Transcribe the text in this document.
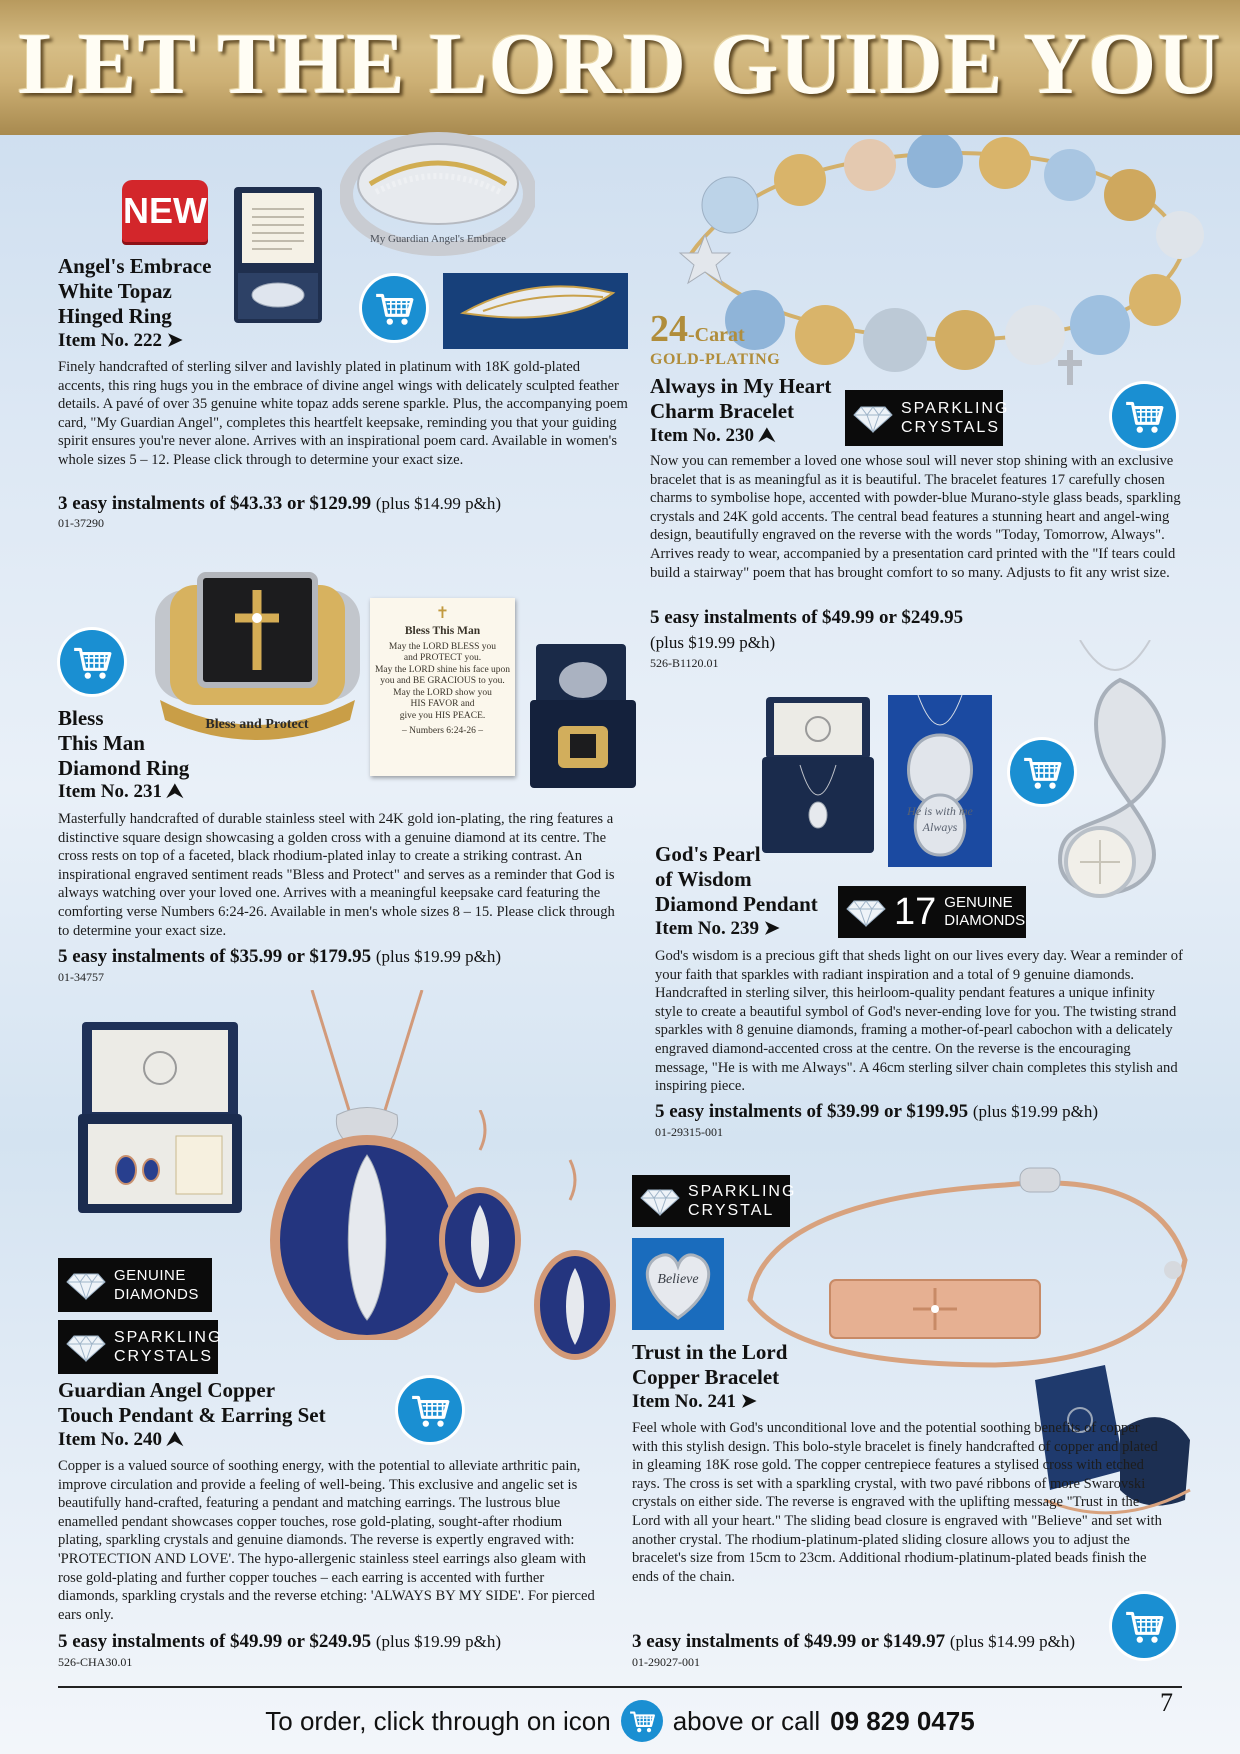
LET THE LORD GUIDE YOU
NEW
My Guardian Angel's Embrace
Angel's Embrace
White Topaz
Hinged Ring
Item No. 222 ➤
Finely handcrafted of sterling silver and lavishly plated in platinum with 18K gold-plated accents, this ring hugs you in the embrace of divine angel wings with delicately sculpted feather details. A pavé of over 35 genuine white topaz adds serene sparkle. Plus, the accompanying poem card, "My Guardian Angel", completes this heartfelt keepsake, reminding you that your guiding spirit ensures you're never alone. Arrives with an inspirational poem card. Available in women's whole sizes 5 – 12. Please click through to determine your exact size.
3 easy instalments of $43.33 or $129.99 (plus $14.99 p&h)
01-37290
24-Carat
GOLD-PLATING
Always in My Heart
Charm Bracelet
Item No. 230 ⮝
SPARKLING
CRYSTALS
Now you can remember a loved one whose soul will never stop shining with an exclusive bracelet that is as meaningful as it is beautiful. The bracelet features 17 carefully chosen charms to symbolise hope, accented with powder-blue Murano-style glass beads, sparkling crystals and 24K gold accents. The central bead features a stunning heart and angel-wing design, beautifully engraved on the reverse with the words "Today, Tomorrow, Always". Arrives ready to wear, accompanied by a presentation card printed with the "If tears could build a stairway" poem that has brought comfort to so many. Adjusts to fit any wrist size.
5 easy instalments of $49.99 or $249.95
(plus $19.99 p&h)
526-B1120.01
Bless and Protect
✝
Bless This Man
May the LORD BLESS you
and PROTECT you.
May the LORD shine his face upon
you and BE GRACIOUS to you.
May the LORD show you
HIS FAVOR and
give you HIS PEACE.
– Numbers 6:24-26 –
Bless
This Man
Diamond Ring
Item No. 231 ⮝
Masterfully handcrafted of durable stainless steel with 24K gold ion-plating, the ring features a distinctive square design showcasing a golden cross with a genuine diamond at its centre. The cross rests on top of a faceted, black rhodium-plated inlay to create a striking contrast. An inspirational engraved sentiment reads "Bless and Protect" and serves as a reminder that God is always watching over your loved one. Arrives with a meaningful keepsake card featuring the comforting verse Numbers 6:24-26. Available in men's whole sizes 8 – 15. Please click through to determine your exact size.
5 easy instalments of $35.99 or $179.95 (plus $19.99 p&h)
01-34757
He is with me
Always
God's Pearl
of Wisdom
Diamond Pendant
Item No. 239 ➤	17 GENUINE
DIAMONDS
God's wisdom is a precious gift that sheds light on our lives every day. Wear a reminder of your faith that sparkles with radiant inspiration and a total of 9 genuine diamonds. Handcrafted in sterling silver, this heirloom-quality pendant features a unique infinity style to create a beautiful symbol of God's never-ending love for you. The twisting strand sparkles with 8 genuine diamonds, framing a mother-of-pearl cabochon with a delicately engraved diamond-accented cross at the centre. On the reverse is the encouraging message, "He is with me Always". A 46cm sterling silver chain completes this stylish and inspiring piece.
5 easy instalments of $39.99 or $199.95 (plus $19.99 p&h)
01-29315-001
GENUINE
DIAMONDS
SPARKLING
CRYSTALS
Guardian Angel Copper
Touch Pendant & Earring Set
Item No. 240 ⮝
Copper is a valued source of soothing energy, with the potential to alleviate arthritic pain, improve circulation and provide a feeling of well-being. This exclusive and angelic set is beautifully hand-crafted, featuring a pendant and matching earrings. The lustrous blue enamelled pendant showcases copper touches, rose gold-plating, sought-after rhodium plating, sparkling crystals and genuine diamonds. The reverse is expertly engraved with: 'PROTECTION AND LOVE'. The hypo-allergenic stainless steel earrings also gleam with rose gold-plating and further copper touches – each earring is accented with further diamonds, sparkling crystals and the reverse etching: 'ALWAYS BY MY SIDE'. For pierced ears only.
5 easy instalments of $49.99 or $249.95 (plus $19.99 p&h)
526-CHA30.01
SPARKLING
CRYSTAL
Believe
Trust in the Lord
Copper Bracelet
Item No. 241 ➤
Feel whole with God's unconditional love and the potential soothing benefits of copper with this stylish design. This bolo-style bracelet is finely handcrafted of copper and plated in gleaming 18K rose gold. The copper centrepiece features a stylised cross with etched rays. The cross is set with a sparkling crystal, with two pavé ribbons of more Swarovski crystals on either side. The reverse is engraved with the uplifting message "Trust in the Lord with all your heart." The sliding bead closure is engraved with "Believe" and set with another crystal. The rhodium-platinum-plated sliding closure allows you to adjust the bracelet's size from 15cm to 23cm. Additional rhodium-platinum-plated beads finish the ends of the chain.
3 easy instalments of $49.99 or $149.97 (plus $14.99 p&h)
01-29027-001
To order, click through on icon above or call 09 829 0475
7
